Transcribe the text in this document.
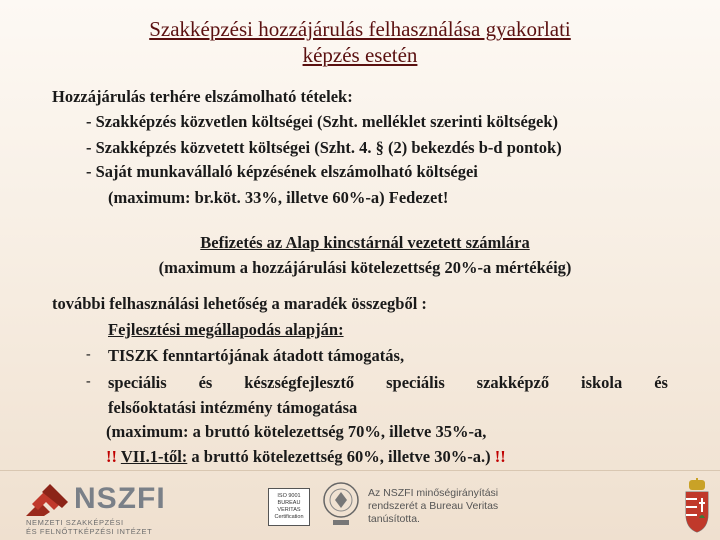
Szakképzési hozzájárulás felhasználása gyakorlati
képzés esetén
Hozzájárulás terhére elszámolható tételek:
- Szakképzés közvetlen költségei (Szht. melléklet szerinti költségek)
- Szakképzés közvetett költségei (Szht. 4. § (2) bekezdés b-d pontok)
- Saját munkavállaló képzésének elszámolható költségei
(maximum: br.köt. 33%, illetve 60%-a) Fedezet!
Befizetés az Alap kincstárnál vezetett számlára
(maximum a hozzájárulási kötelezettség 20%-a mértékéig)
további felhasználási lehetőség a maradék összegből :
Fejlesztési megállapodás alapján:
- TISZK fenntartójának átadott támogatás,
- speciális és készségfejlesztő speciális szakképző iskola és
felsőoktatási intézmény támogatása
(maximum: a bruttó kötelezettség 70%, illetve 35%-a,
!! VII.1-től: a bruttó kötelezettség 60%, illetve 30%-a.) !!
NSZFI
NEMZETI SZAKKÉPZÉSI
ÉS FELNŐTTKÉPZÉSI INTÉZET
ISO 9001
BUREAU VERITAS
Certification
Az NSZFI minőségirányítási
rendszerét a Bureau Veritas
tanúsította.
